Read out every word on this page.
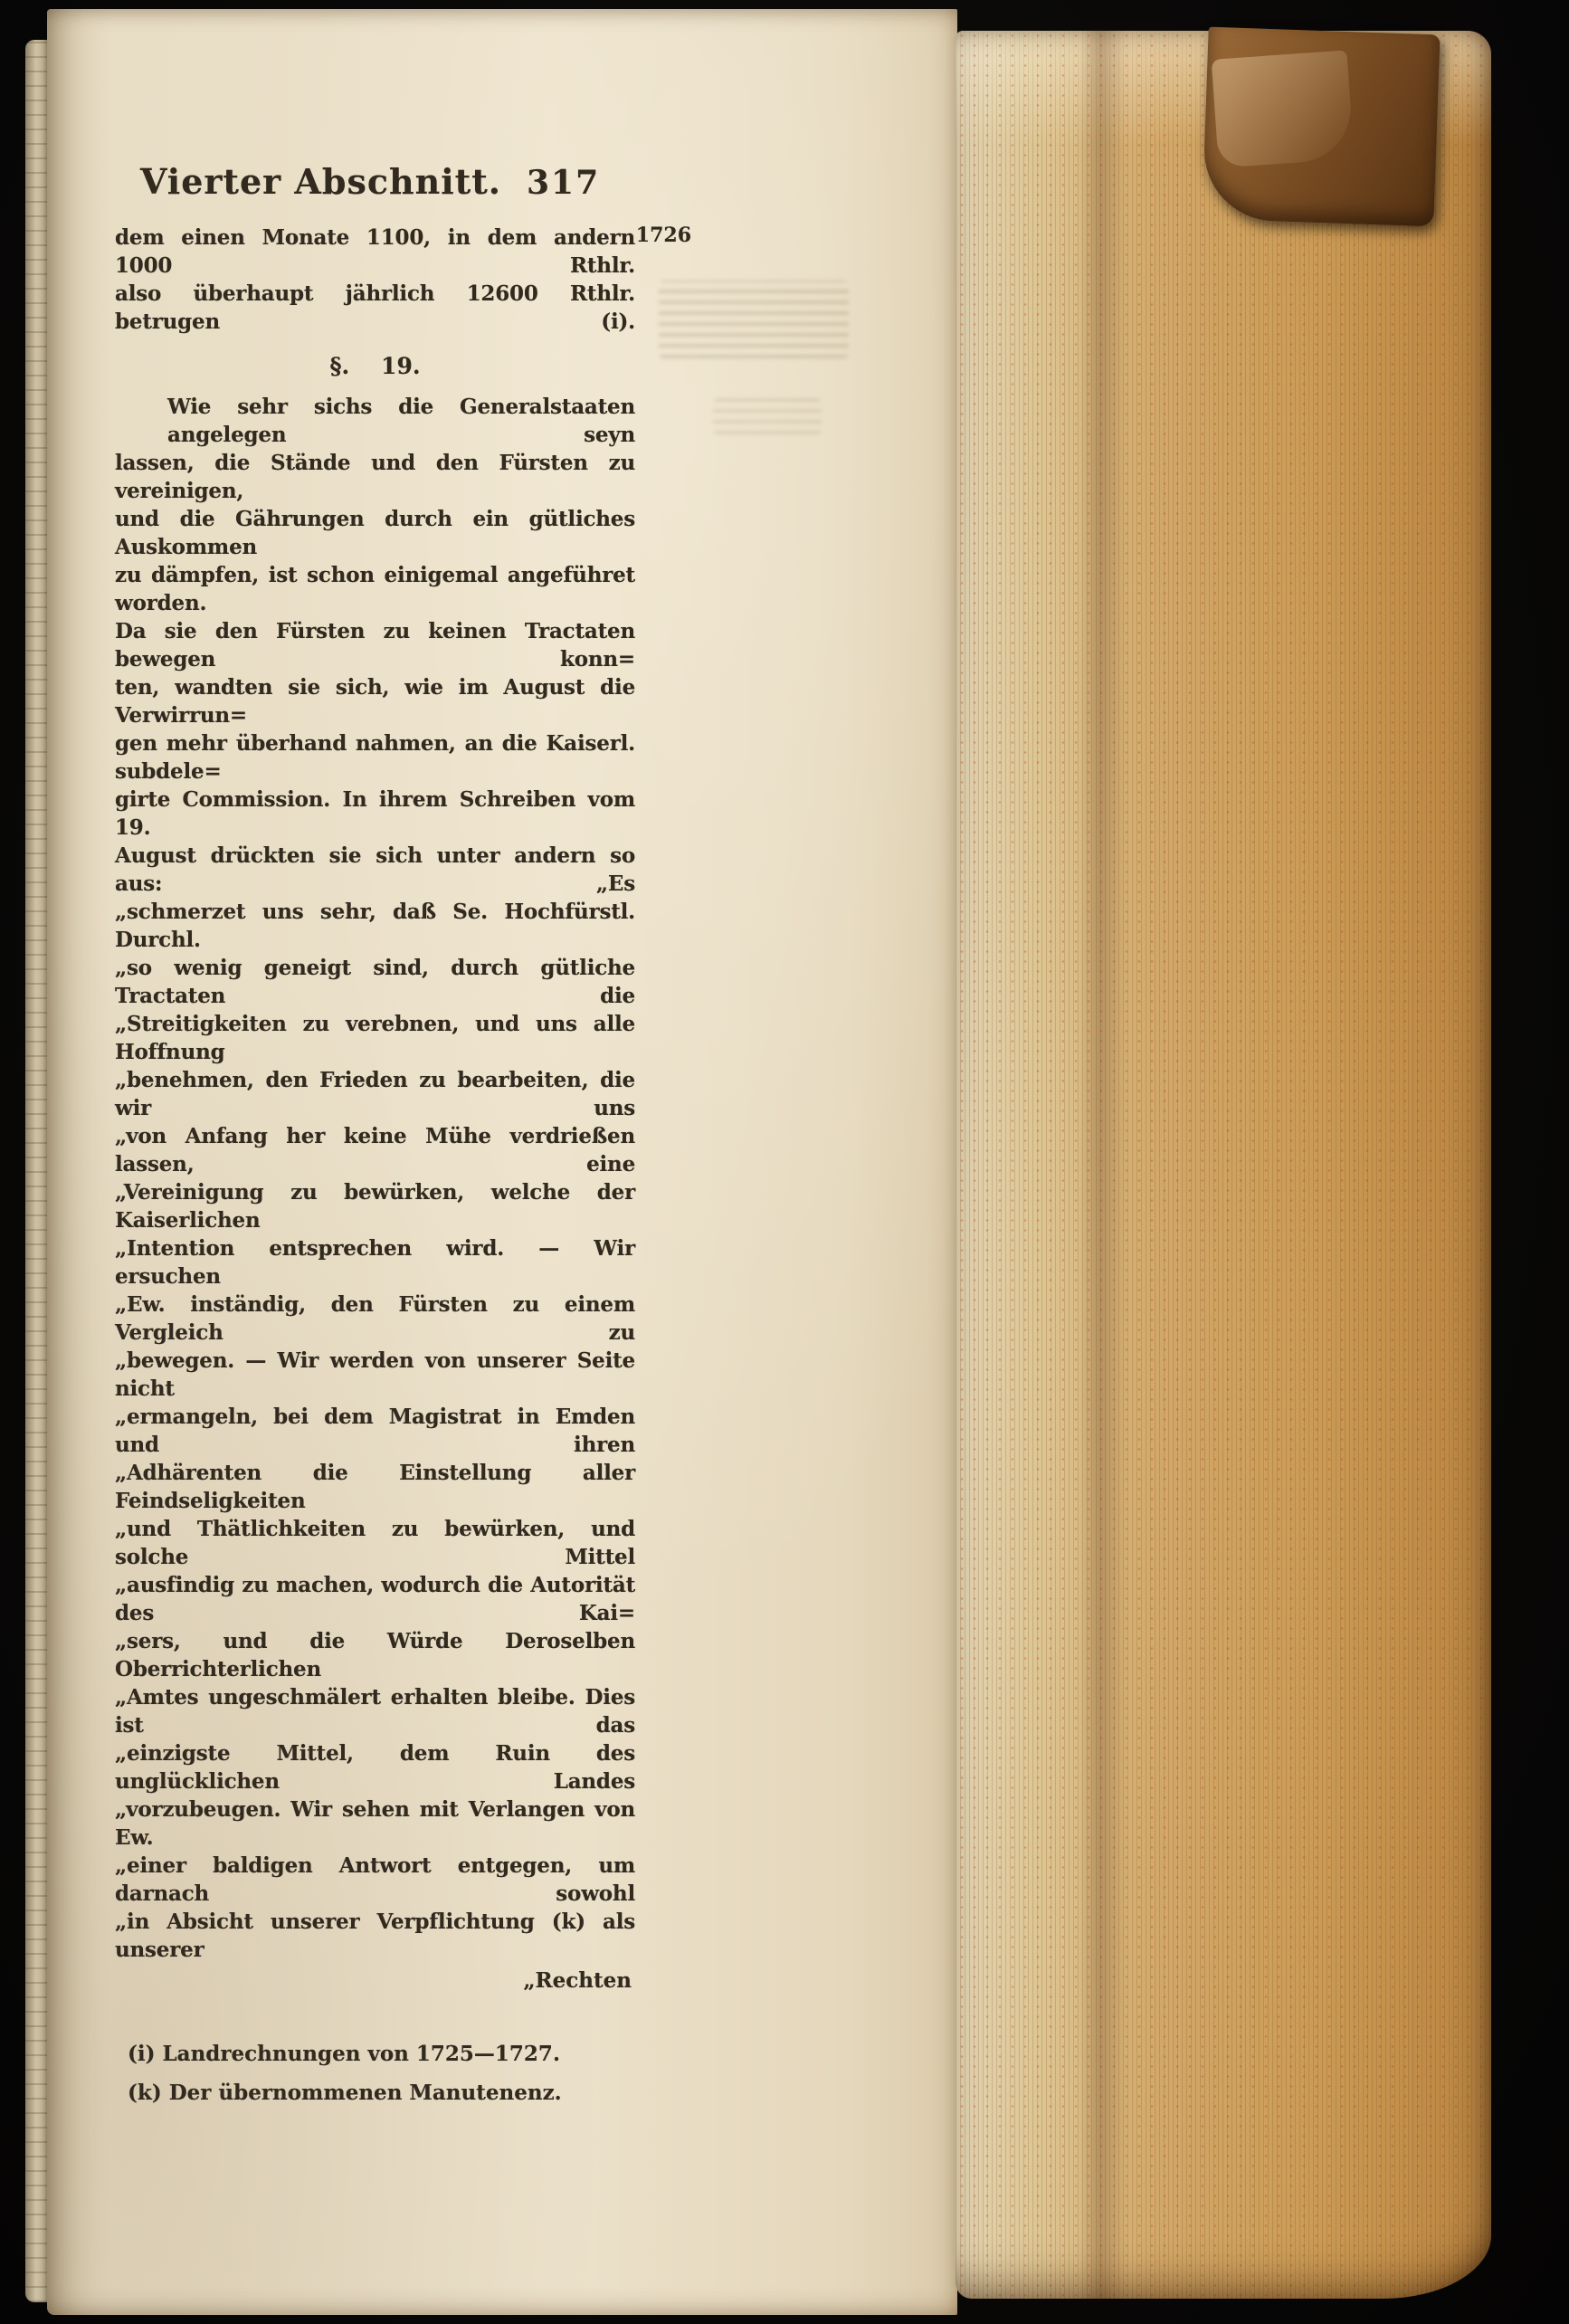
Vierter Abschnitt. 317
dem einen Monate 1100, in dem andern 1000 Rthlr.
1726
also überhaupt jährlich 12600 Rthlr. betrugen (i).
§.    19.
Wie sehr sichs die Generalstaaten angelegen seyn
lassen, die Stände und den Fürsten zu vereinigen,
und die Gährungen durch ein gütliches Auskommen
zu dämpfen, ist schon einigemal angeführet worden.
Da sie den Fürsten zu keinen Tractaten bewegen konn=
ten, wandten sie sich, wie im August die Verwirrun=
gen mehr überhand nahmen, an die Kaiserl. subdele=
girte Commission. In ihrem Schreiben vom 19.
August drückten sie sich unter andern so aus: „Es
„schmerzet uns sehr, daß Se. Hochfürstl. Durchl.
„so wenig geneigt sind, durch gütliche Tractaten die
„Streitigkeiten zu verebnen, und uns alle Hoffnung
„benehmen, den Frieden zu bearbeiten, die wir uns
„von Anfang her keine Mühe verdrießen lassen, eine
„Vereinigung zu bewürken, welche der Kaiserlichen
„Intention entsprechen wird. — Wir ersuchen
„Ew. inständig, den Fürsten zu einem Vergleich zu
„bewegen. — Wir werden von unserer Seite nicht
„ermangeln, bei dem Magistrat in Emden und ihren
„Adhärenten die Einstellung aller Feindseligkeiten
„und Thätlichkeiten zu bewürken, und solche Mittel
„ausfindig zu machen, wodurch die Autorität des Kai=
„sers, und die Würde Deroselben Oberrichterlichen
„Amtes ungeschmälert erhalten bleibe. Dies ist das
„einzigste Mittel, dem Ruin des unglücklichen Landes
„vorzubeugen. Wir sehen mit Verlangen von Ew.
„einer baldigen Antwort entgegen, um darnach sowohl
„in Absicht unserer Verpflichtung (k) als unserer
„Rechten
(i) Landrechnungen von 1725—1727.
(k) Der übernommenen Manutenenz.
